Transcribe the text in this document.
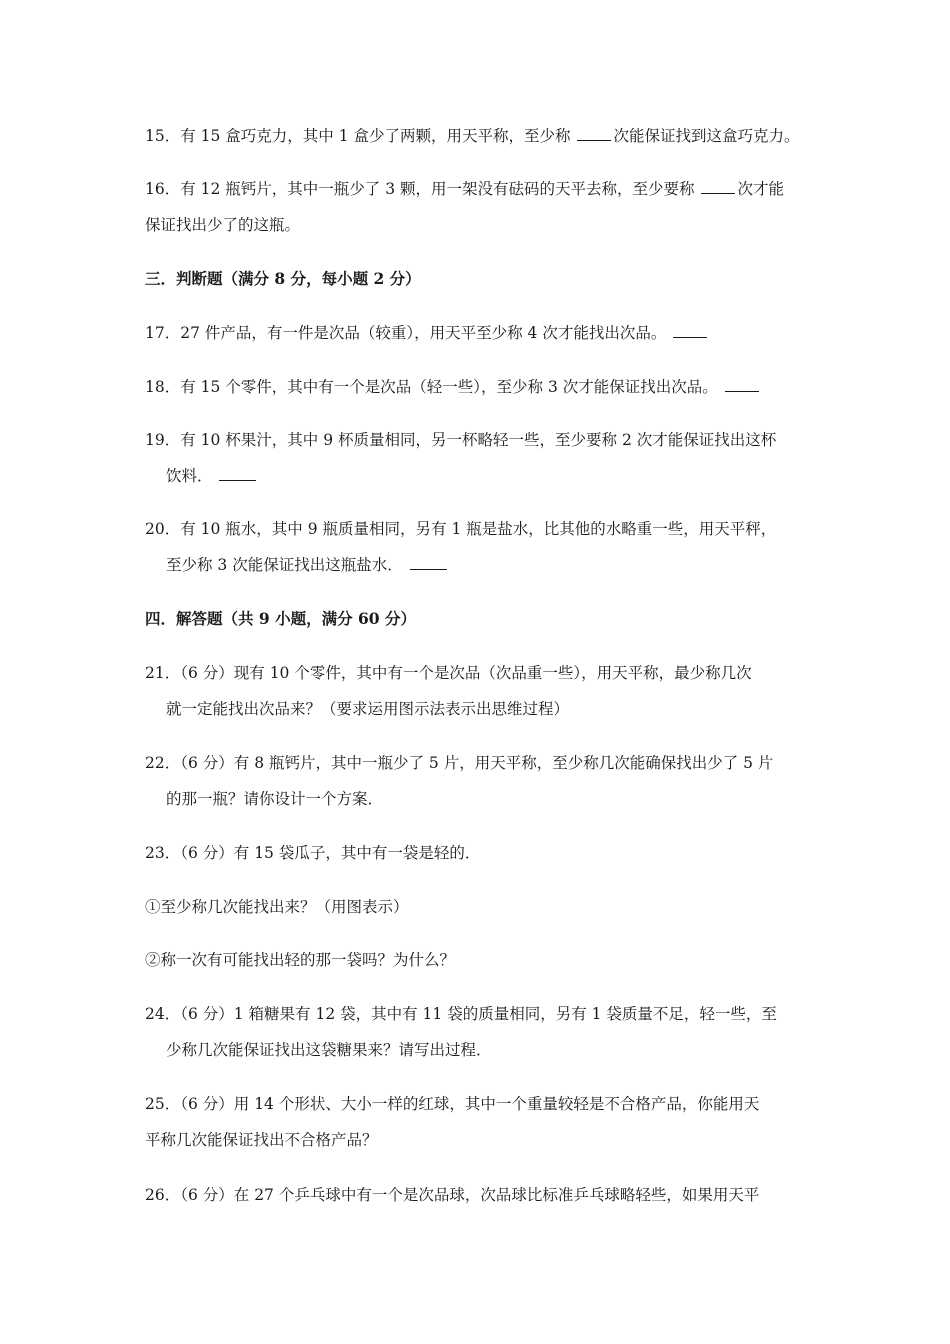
15．有 15 盒巧克力，其中 1 盒少了两颗，用天平称，至少称 次能保证找到这盒巧克力。
16．有 12 瓶钙片，其中一瓶少了 3 颗，用一架没有砝码的天平去称，至少要称 次才能
保证找出少了的这瓶。
三．判断题（满分 8 分，每小题 2 分）
17．27 件产品，有一件是次品（较重），用天平至少称 4 次才能找出次品。
18．有 15 个零件，其中有一个是次品（轻一些），至少称 3 次才能保证找出次品。
19．有 10 杯果汁，其中 9 杯质量相同，另一杯略轻一些，至少要称 2 次才能保证找出这杯
饮料．
20．有 10 瓶水，其中 9 瓶质量相同，另有 1 瓶是盐水，比其他的水略重一些，用天平秤，
至少称 3 次能保证找出这瓶盐水．
四．解答题（共 9 小题，满分 60 分）
21．（6 分）现有 10 个零件，其中有一个是次品（次品重一些），用天平称，最少称几次
就一定能找出次品来？（要求运用图示法表示出思维过程）
22．（6 分）有 8 瓶钙片，其中一瓶少了 5 片，用天平称，至少称几次能确保找出少了 5 片
的那一瓶？请你设计一个方案．
23．（6 分）有 15 袋瓜子，其中有一袋是轻的．
①至少称几次能找出来？（用图表示）
②称一次有可能找出轻的那一袋吗？为什么？
24．（6 分）1 箱糖果有 12 袋，其中有 11 袋的质量相同，另有 1 袋质量不足，轻一些，至
少称几次能保证找出这袋糖果来？请写出过程．
25．（6 分）用 14 个形状、大小一样的红球，其中一个重量较轻是不合格产品，你能用天
平称几次能保证找出不合格产品？
26．（6 分）在 27 个乒乓球中有一个是次品球，次品球比标准乒乓球略轻些，如果用天平
